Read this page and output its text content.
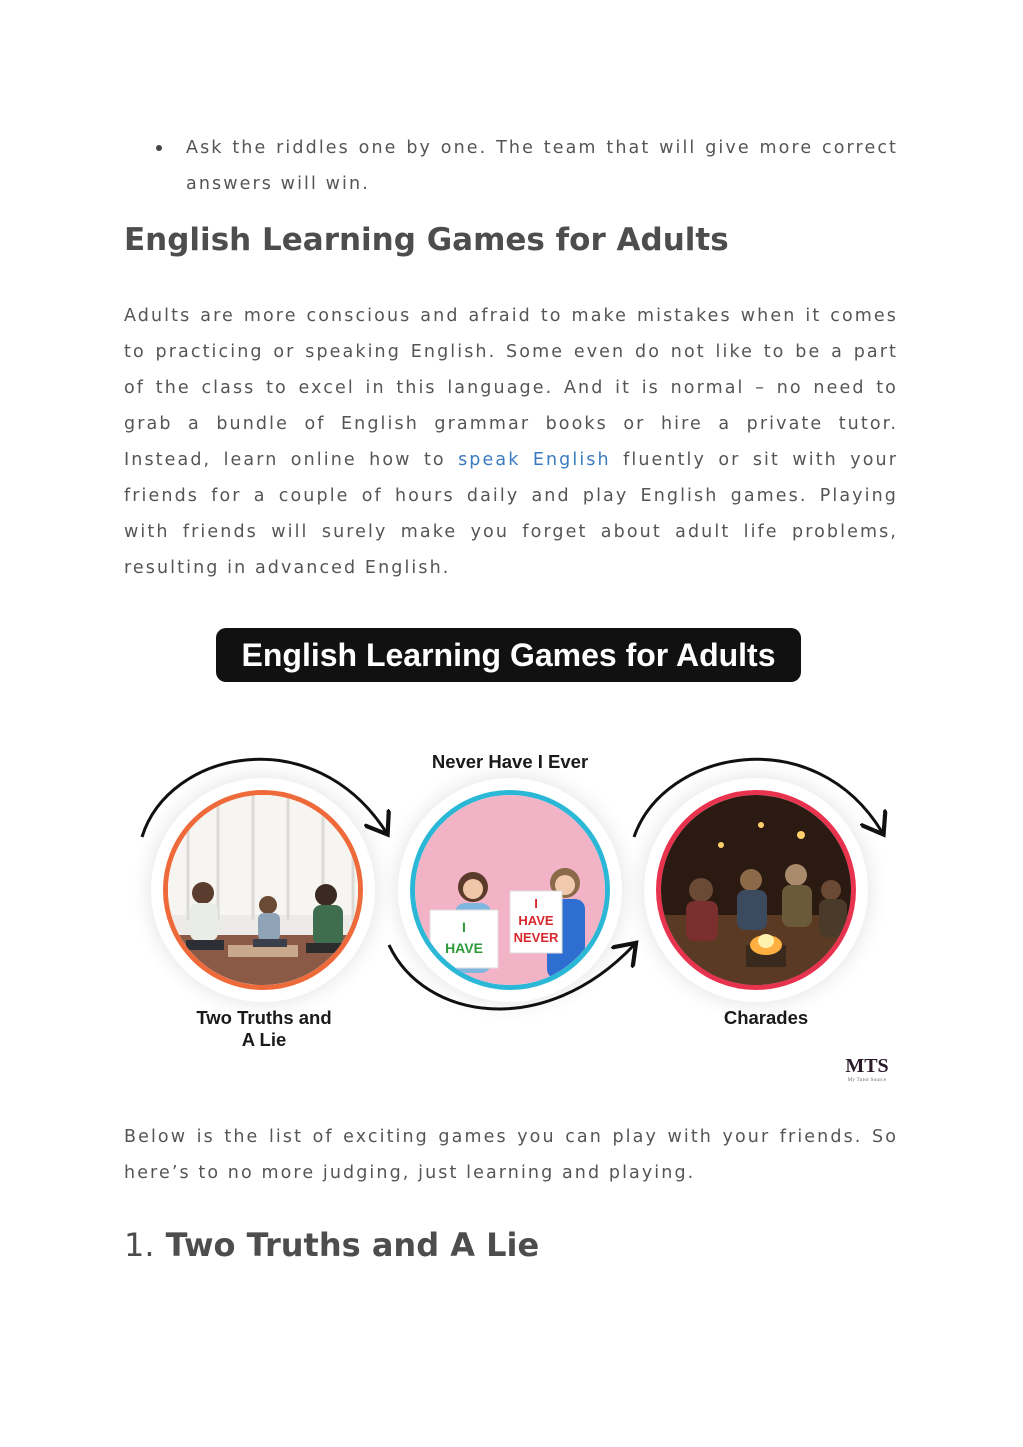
Ask the riddles one by one. The team that will give more correct answers will win.
English Learning Games for Adults

Adults are more conscious and afraid to make mistakes when it comes to practicing or speaking English. Some even do not like to be a part of the class to excel in this language. And it is normal – no need to grab a bundle of English grammar books or hire a private tutor. Instead, learn online how to speak English fluently or sit with your friends for a couple of hours daily and play English games. Playing with friends will surely make you forget about adult life problems, resulting in advanced English.

Below is the list of exciting games you can play with your friends. So here’s to no more judging, just learning and playing.

1. Two Truths and A Lie
English Learning Games for Adults
Two Truths and
A Lie
Never Have I Ever
I
HAVE
I
HAVE
NEVER
Charades
MTS
My Tutor Source
